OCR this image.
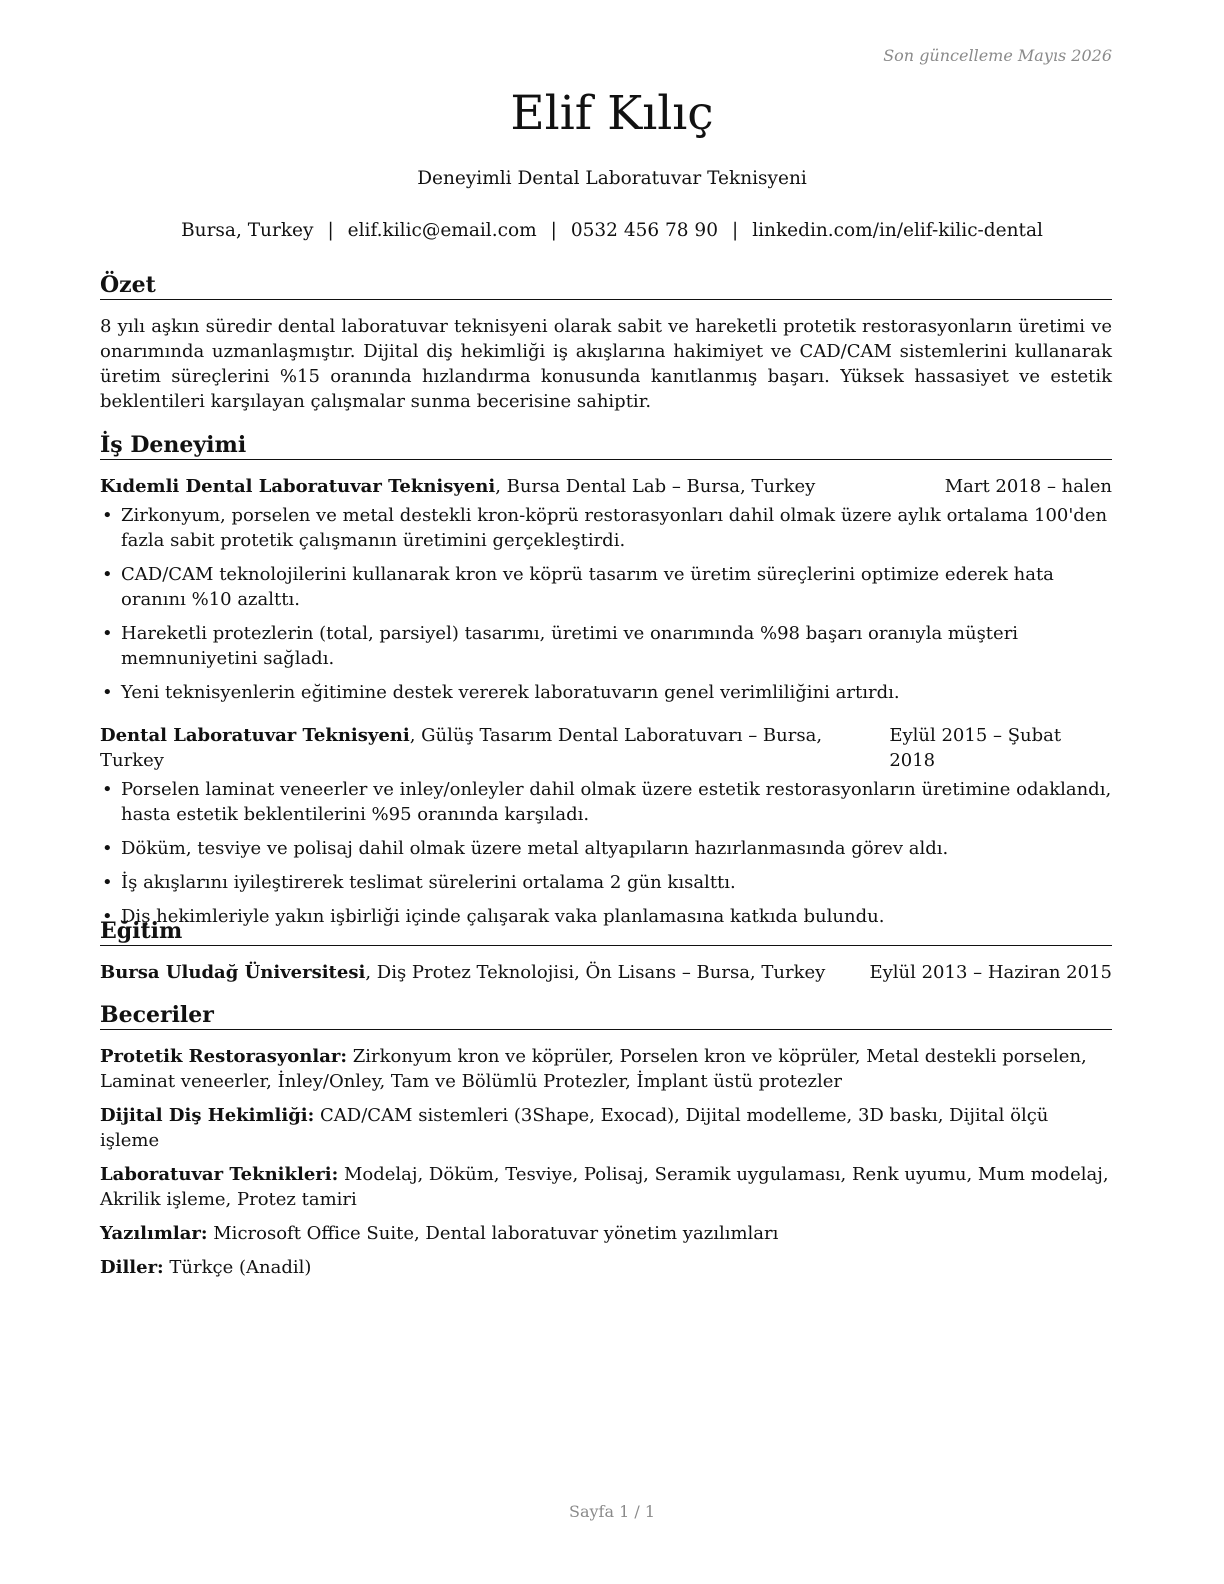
Son güncelleme Mayıs 2026
Elif Kılıç
Deneyimli Dental Laboratuvar Teknisyeni
Bursa, Turkey | elif.kilic@email.com | 0532 456 78 90 | linkedin.com/in/elif-kilic-dental
Özet

8 yılı aşkın süredir dental laboratuvar teknisyeni olarak sabit ve hareketli protetik restorasyonların üretimi ve onarımında uzmanlaşmıştır. Dijital diş hekimliği iş akışlarına hakimiyet ve CAD/CAM sistemlerini kullanarak üretim süreçlerini %15 oranında hızlandırma konusunda kanıtlanmış başarı. Yüksek hassasiyet ve estetik beklentileri karşılayan çalışmalar sunma becerisine sahiptir.

İş Deneyimi
Kıdemli Dental Laboratuvar Teknisyeni, Bursa Dental Lab – Bursa, Turkey	Mart 2018 – halen
• Zirkonyum, porselen ve metal destekli kron-köprü restorasyonları dahil olmak üzere aylık ortalama 100'den fazla sabit protetik çalışmanın üretimini gerçekleştirdi.
• CAD/CAM teknolojilerini kullanarak kron ve köprü tasarım ve üretim süreçlerini optimize ederek hata oranını %10 azalttı.
• Hareketli protezlerin (total, parsiyel) tasarımı, üretimi ve onarımında %98 başarı oranıyla müşteri memnuniyetini sağladı.
• Yeni teknisyenlerin eğitimine destek vererek laboratuvarın genel verimliliğini artırdı.
Dental Laboratuvar Teknisyeni, Gülüş Tasarım Dental Laboratuvarı – Bursa, Turkey
Eylül 2015 – Şubat 2018
• Porselen laminat veneerler ve inley/onleyler dahil olmak üzere estetik restorasyonların üretimine odaklandı, hasta estetik beklentilerini %95 oranında karşıladı.
• Döküm, tesviye ve polisaj dahil olmak üzere metal altyapıların hazırlanmasında görev aldı.
• İş akışlarını iyileştirerek teslimat sürelerini ortalama 2 gün kısalttı.
• Diş hekimleriyle yakın işbirliği içinde çalışarak vaka planlamasına katkıda bulundu.
Eğitim
Bursa Uludağ Üniversitesi, Diş Protez Teknolojisi, Ön Lisans – Bursa, Turkey Eylül 2013 – Haziran 2015
Beceriler

Protetik Restorasyonlar: Zirkonyum kron ve köprüler, Porselen kron ve köprüler, Metal destekli porselen, Laminat veneerler, İnley/Onley, Tam ve Bölümlü Protezler, İmplant üstü protezler

Dijital Diş Hekimliği: CAD/CAM sistemleri (3Shape, Exocad), Dijital modelleme, 3D baskı, Dijital ölçü işleme

Laboratuvar Teknikleri: Modelaj, Döküm, Tesviye, Polisaj, Seramik uygulaması, Renk uyumu, Mum modelaj, Akrilik işleme, Protez tamiri

Yazılımlar: Microsoft Office Suite, Dental laboratuvar yönetim yazılımları

Diller: Türkçe (Anadil)

Sayfa 1 / 1
